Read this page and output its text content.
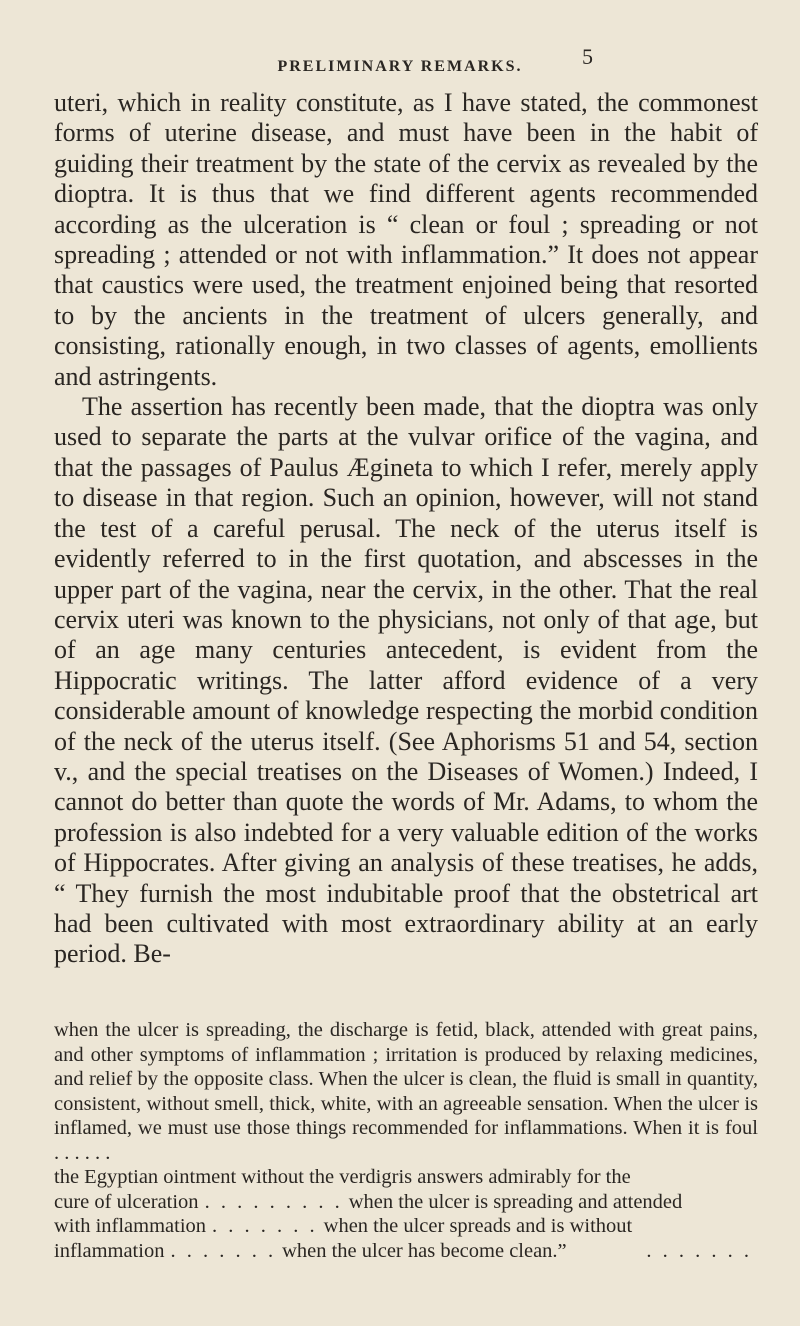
PRELIMINARY REMARKS.	5

uteri, which in reality constitute, as I have stated, the commonest forms of uterine disease, and must have been in the habit of guiding their treatment by the state of the cervix as revealed by the dioptra. It is thus that we find different agents recommended according as the ulceration is “ clean or foul ; spreading or not spreading ; attended or not with inflammation.” It does not appear that caustics were used, the treatment enjoined being that resorted to by the ancients in the treatment of ulcers generally, and consisting, rationally enough, in two classes of agents, emollients and astringents.

The assertion has recently been made, that the dioptra was only used to separate the parts at the vulvar orifice of the vagina, and that the passages of Paulus Ægineta to which I refer, merely apply to disease in that region. Such an opinion, however, will not stand the test of a careful perusal. The neck of the uterus itself is evidently referred to in the first quotation, and abscesses in the upper part of the vagina, near the cervix, in the other. That the real cervix uteri was known to the physicians, not only of that age, but of an age many centuries antecedent, is evident from the Hippocratic writings. The latter afford evidence of a very considerable amount of knowledge respecting the morbid condition of the neck of the uterus itself. (See Aphorisms 51 and 54, section v., and the special treatises on the Diseases of Women.) Indeed, I cannot do better than quote the words of Mr. Adams, to whom the profession is also indebted for a very valuable edition of the works of Hippocrates. After giving an analysis of these treatises, he adds, “ They furnish the most indubitable proof that the obstetrical art had been cultivated with most extraordinary ability at an early period. Be-

when the ulcer is spreading, the discharge is fetid, black, attended with great pains, and other symptoms of inflammation ; irritation is produced by relaxing medicines, and relief by the opposite class. When the ulcer is clean, the fluid is small in quantity, consistent, without smell, thick, white, with an agreeable sensation. When the ulcer is inflamed, we must use those things recommended for inflammations. When it is foul . . . . . .

the Egyptian ointment without the verdigris answers admirably for the

cure of ulceration . . . . . . . . . when the ulcer is spreading and attended
with inflammation . . . . . . . when the ulcer spreads and is without
inflammation . . . . . . . when the ulcer has become clean.”	. . . . . . .
